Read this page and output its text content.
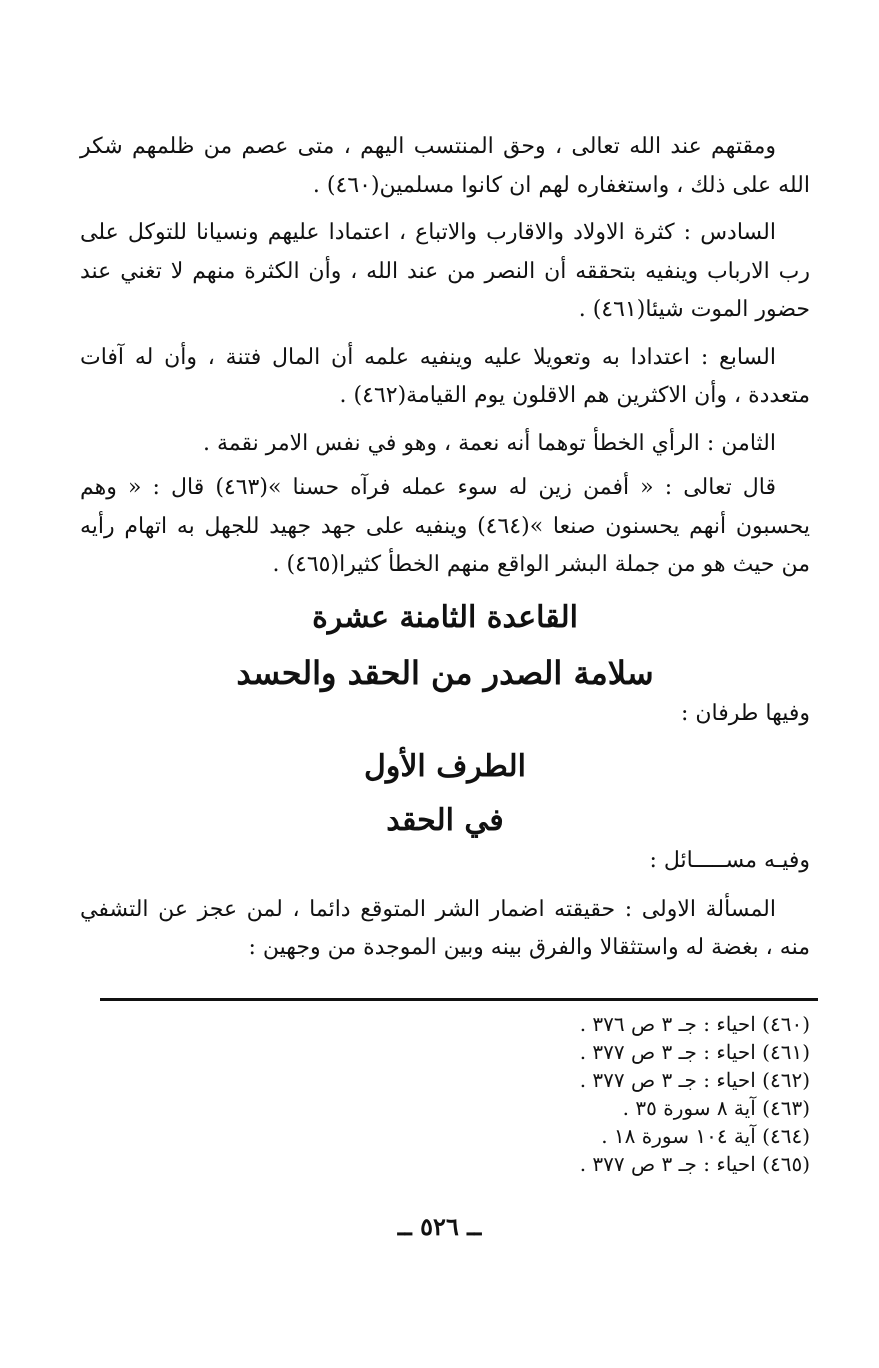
ومقتهم عند الله تعالى ، وحق المنتسب اليهم ، متى عصم من ظلمهم شكر الله على ذلك ، واستغفاره لهم ان كانوا مسلمين(٤٦٠) .

السادس : كثرة الاولاد والاقارب والاتباع ، اعتمادا عليهم ونسيانا للتوكل على رب الارباب وينفيه بتحققه أن النصر من عند الله ، وأن الكثرة منهم لا تغني عند حضور الموت شيئا(٤٦١) .

السابع : اعتدادا به وتعويلا عليه وينفيه علمه أن المال فتنة ، وأن له آفات متعددة ، وأن الاكثرين هم الاقلون يوم القيامة(٤٦٢) .

الثامن : الرأي الخطأ توهما أنه نعمة ، وهو في نفس الامر نقمة .

قال تعالى : « أفمن زين له سوء عمله فرآه حسنا »(٤٦٣) قال : « وهم يحسبون أنهم يحسنون صنعا »(٤٦٤) وينفيه على جهد جهيد للجهل به اتهام رأيه من حيث هو من جملة البشر الواقع منهم الخطأ كثيرا(٤٦٥) .

القاعدة الثامنة عشرة
سلامة الصدر من الحقد والحسد

وفيها طرفان :

الطرف الأول
في الحقد

وفيـه مســـــائل :

المسألة الاولى : حقيقته اضمار الشر المتوقع دائما ، لمن عجز عن التشفي منه ، بغضة له واستثقالا والفرق بينه وبين الموجدة من وجهين :

(٤٦٠) احياء : جـ ٣ ص ٣٧٦ .
(٤٦١) احياء : جـ ٣ ص ٣٧٧ .
(٤٦٢) احياء : جـ ٣ ص ٣٧٧ .
(٤٦٣) آية ٨ سورة ٣٥ .
(٤٦٤) آية ١٠٤ سورة ١٨ .
(٤٦٥) احياء : جـ ٣ ص ٣٧٧ .
ــ ٥٢٦ ــ
